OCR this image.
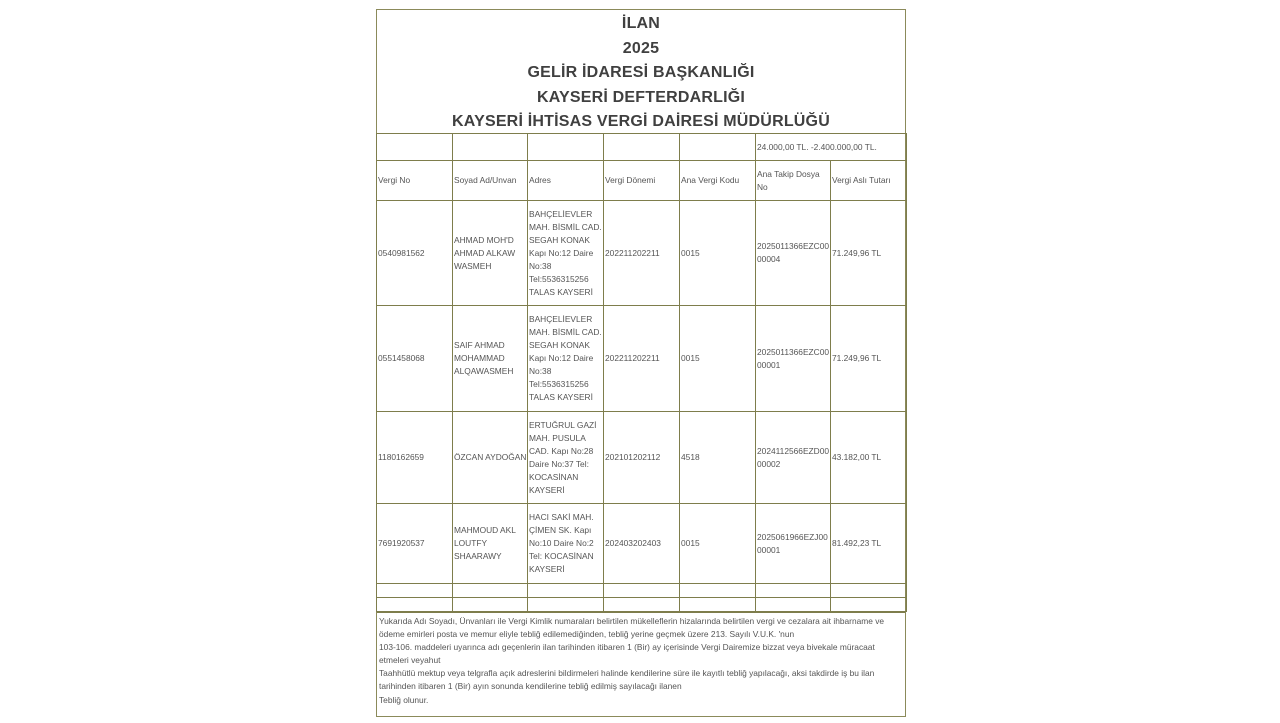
İLAN
2025
GELİR İDARESİ BAŞKANLIĞI
KAYSERİ DEFTERDARLIĞI
KAYSERİ İHTİSAS VERGİ DAİRESİ MÜDÜRLÜĞÜ
					24.000,00 TL. -2.400.000,00 TL.	
Vergi No	Soyad Ad/Unvan	Adres	Vergi Dönemi	Ana Vergi Kodu	Ana Takip Dosya No	Vergi Aslı Tutarı
0540981562	AHMAD MOH'D AHMAD ALKAW WASMEH	BAHÇELİEVLER MAH. BİSMİL CAD. SEGAH KONAK Kapı No:12 Daire No:38 Tel:5536315256 TALAS KAYSERİ	202211202211	0015	2025011366EZC0000004	71.249,96 TL
0551458068	SAIF AHMAD MOHAMMAD ALQAWASMEH	BAHÇELİEVLER MAH. BİSMİL CAD. SEGAH KONAK Kapı No:12 Daire No:38 Tel:5536315256 TALAS KAYSERİ	202211202211	0015	2025011366EZC0000001	71.249,96 TL
1180162659	ÖZCAN AYDOĞAN	ERTUĞRUL GAZİ MAH. PUSULA CAD. Kapı No:28 Daire No:37 Tel: KOCASİNAN KAYSERİ	202101202112	4518	2024112566EZD0000002	43.182,00 TL
7691920537	MAHMOUD AKL LOUTFY SHAARAWY	HACI SAKİ MAH. ÇİMEN SK. Kapı No:10 Daire No:2 Tel: KOCASİNAN KAYSERİ	202403202403	0015	2025061966EZJ0000001	81.492,23 TL

Yukarıda Adı Soyadı, Ünvanları ile Vergi Kimlik numaraları belirtilen mükelleflerin hizalarında belirtilen vergi ve cezalara ait ihbarname ve ödeme emirleri posta ve memur eliyle tebliğ edilemediğinden, tebliğ yerine geçmek üzere 213. Sayılı V.U.K. 'nun
103-106. maddeleri uyarınca adı geçenlerin ilan tarihinden itibaren 1 (Bir) ay içerisinde Vergi Dairemize bizzat veya bivekale müracaat etmeleri veyahut
Taahhütlü mektup veya telgrafla açık adreslerini bildirmeleri halinde kendilerine süre ile kayıtlı tebliğ yapılacağı, aksi takdirde iş bu ilan tarihinden itibaren 1 (Bir) ayın sonunda kendilerine tebliğ edilmiş sayılacağı ilanen
Tebliğ olunur.
